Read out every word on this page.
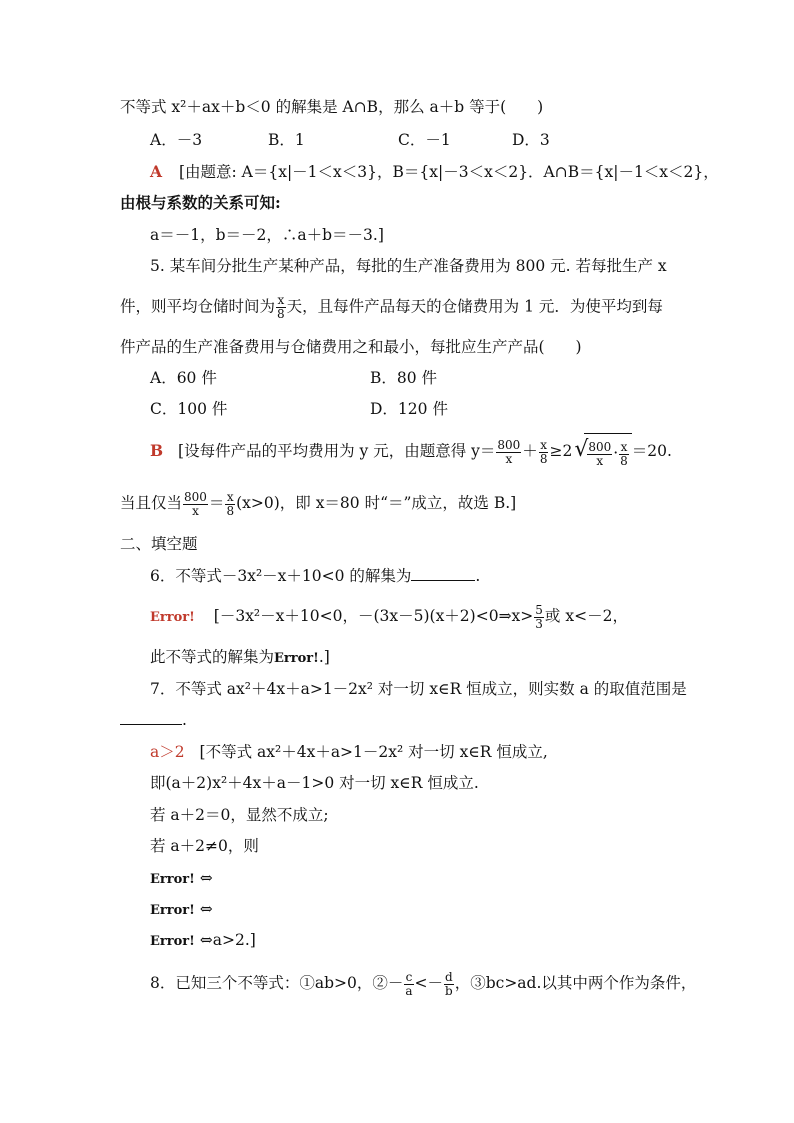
不等式 x²＋ax＋b＜0 的解集是 A∩B，那么 a＋b 等于(　　)
A．－3	B．1	C．－1	D．3
A [由题意: A＝{x|－1＜x＜3}，B＝{x|－3＜x＜2}．A∩B＝{x|－1＜x＜2}，
由根与系数的关系可知:
a＝－1，b＝－2，∴a＋b＝－3.]
5. 某车间分批生产某种产品，每批的生产准备费用为 800 元. 若每批生产 x
件，则平均仓储时间为 $\frac{x}{8}$ 天，且每件产品每天的仓储费用为 1 元．为使平均到每
件产品的生产准备费用与仓储费用之和最小，每批应生产产品(　　)
A．60 件	B．80 件
C．100 件	D．120 件
B [设每件产品的平均费用为 y 元，由题意得 $y= \frac{800}{x} + \frac{x}{8} \ge 2$ √
$\frac{800}{x} \cdot \frac{x}{8} =20$.
当且仅当 $\frac{800}{x} = \frac{x}{8} (x>0)$，即 x＝80 时“＝”成立，故选 B.]
二、填空题
6．不等式－3x²－x＋10<0 的解集为	.
Error! [－3x²－x＋10<0，－(3x－5)(x＋2)<0⇒x> $\frac{5}{3}$ 或 x<－2，
此不等式的解集为Error!.]
7．不等式 ax²＋4x＋a>1－2x² 对一切 x∈R 恒成立，则实数 a 的取值范围是
.
a＞2 [不等式 ax²＋4x＋a>1－2x² 对一切 x∈R 恒成立,
即(a＋2)x²＋4x＋a－1>0 对一切 x∈R 恒成立.
若 a＋2＝0，显然不成立;
若 a＋2≠0，则
Error! ⇔
Error! ⇔
Error! ⇔a>2.]
8．已知三个不等式：①ab>0，②－ $\frac{c}{a} <- \frac{d}{b}$ ，③bc>ad.以其中两个作为条件，
